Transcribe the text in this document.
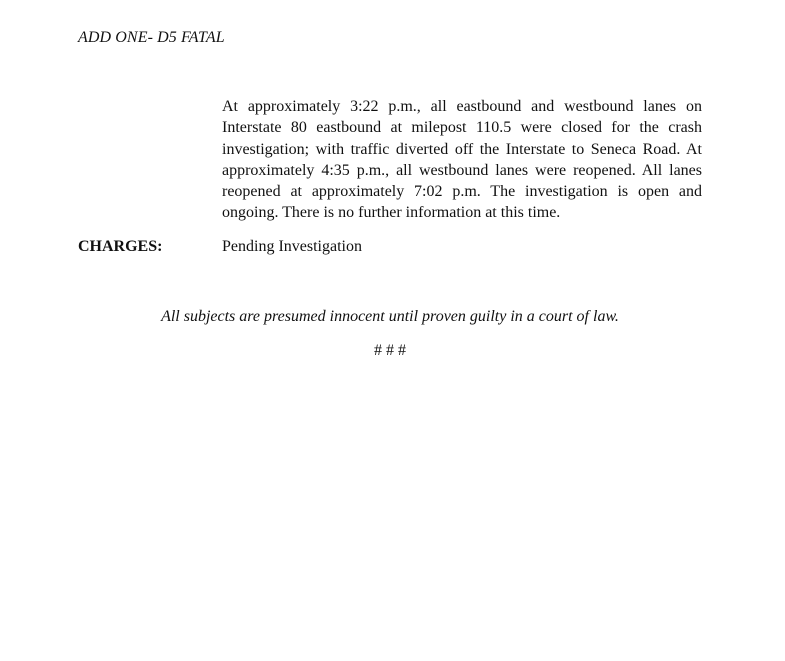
ADD ONE- D5 FATAL
At approximately 3:22 p.m., all eastbound and westbound lanes on Interstate 80 eastbound at milepost 110.5 were closed for the crash investigation; with traffic diverted off the Interstate to Seneca Road. At approximately 4:35 p.m., all westbound lanes were reopened. All lanes reopened at approximately 7:02 p.m. The investigation is open and ongoing. There is no further information at this time.
CHARGES:	Pending Investigation
All subjects are presumed innocent until proven guilty in a court of law.
# # #
